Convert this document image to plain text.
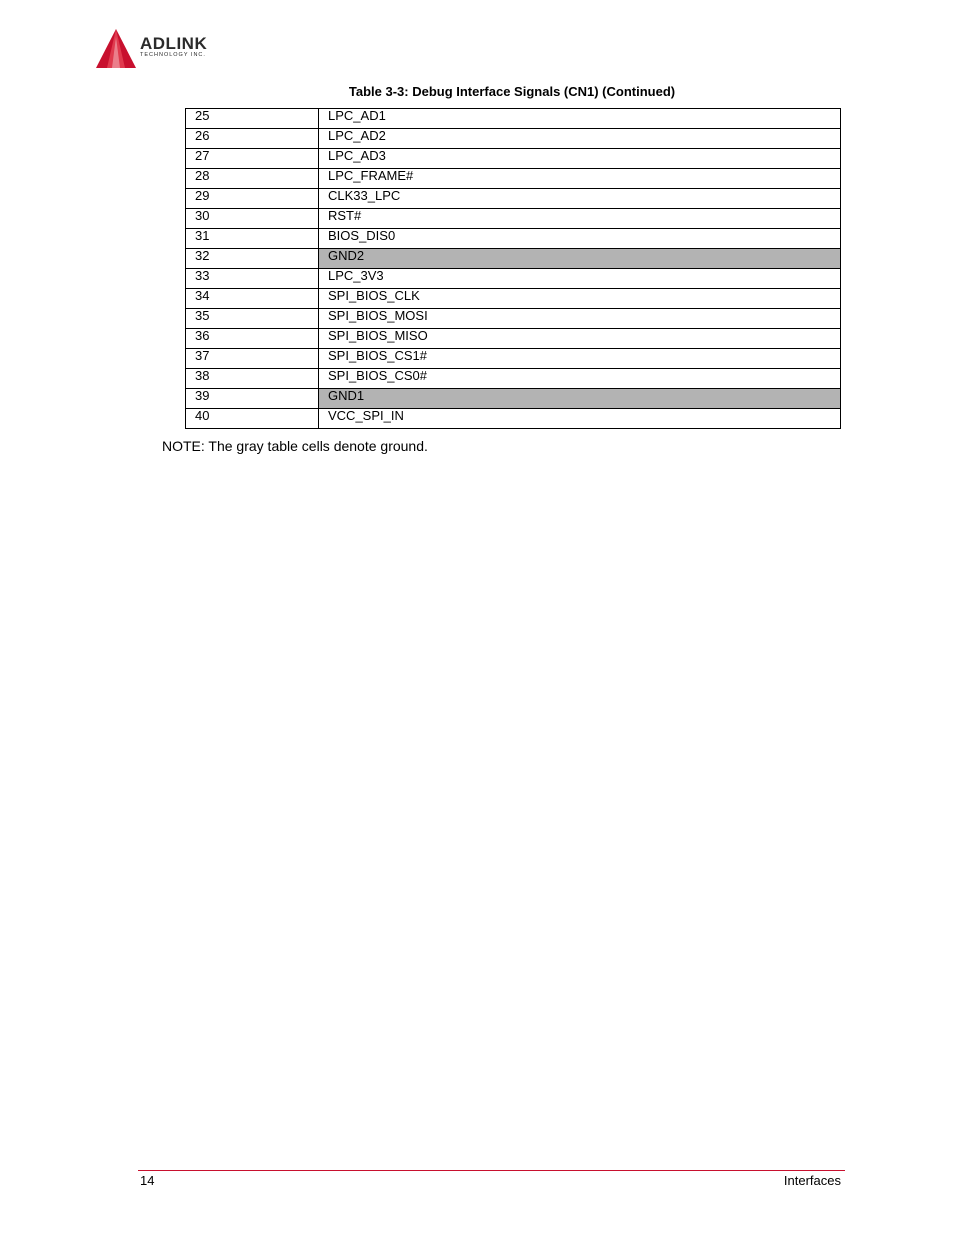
ADLINK
TECHNOLOGY INC.
Table 3-3: Debug Interface Signals (CN1) (Continued)
25	LPC_AD1
26	LPC_AD2
27	LPC_AD3
28	LPC_FRAME#
29	CLK33_LPC
30	RST#
31	BIOS_DIS0
32	GND2
33	LPC_3V3
34	SPI_BIOS_CLK
35	SPI_BIOS_MOSI
36	SPI_BIOS_MISO
37	SPI_BIOS_CS1#
38	SPI_BIOS_CS0#
39	GND1
40	VCC_SPI_IN
NOTE: The gray table cells denote ground.
14	Interfaces
